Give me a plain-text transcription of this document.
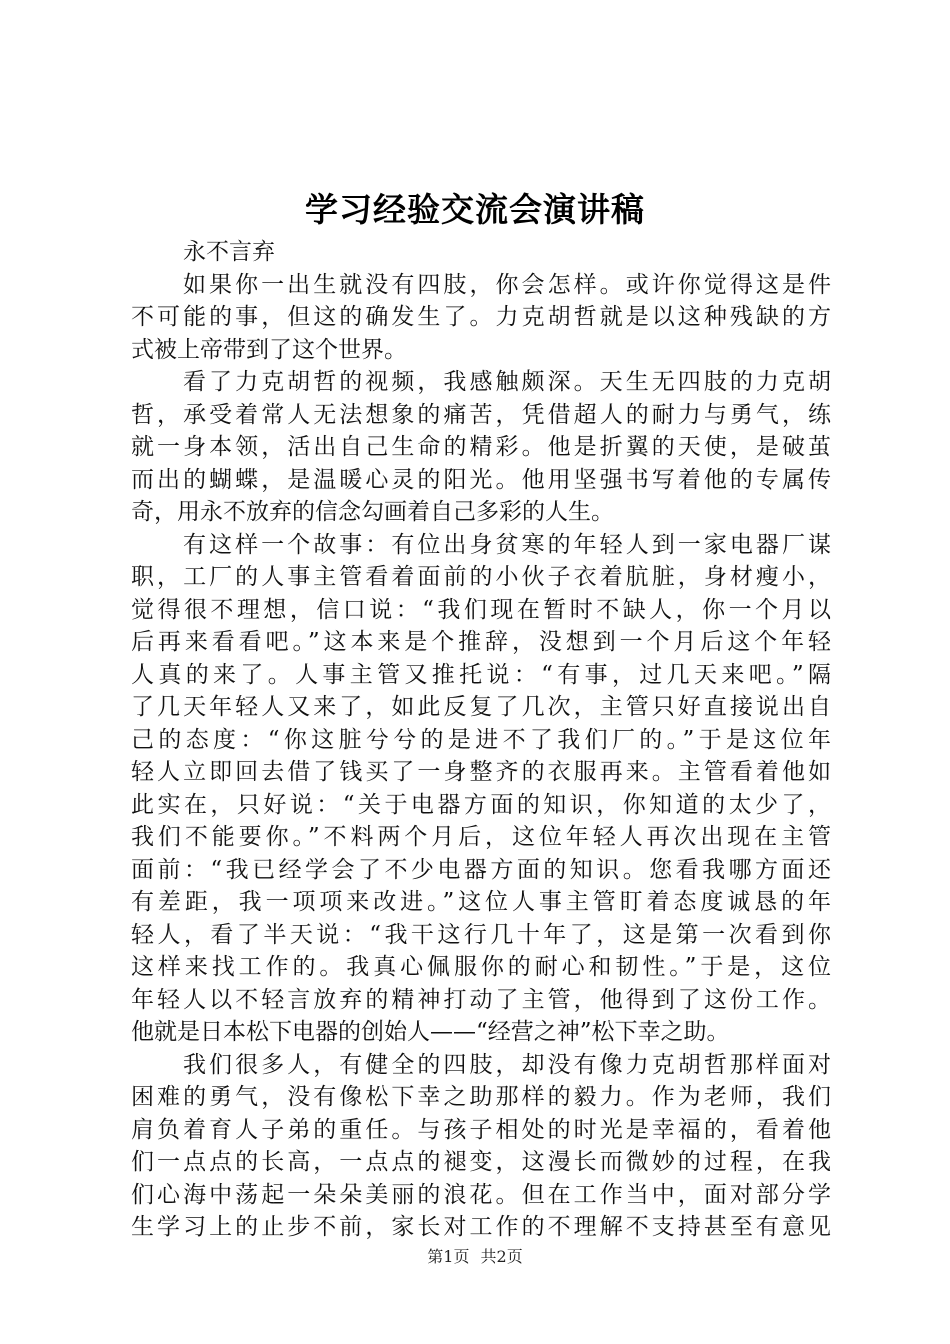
学习经验交流会演讲稿
永不言弃
如果你一出生就没有四肢，你会怎样。或许你觉得这是件
不可能的事，但这的确发生了。力克胡哲就是以这种残缺的方
式被上帝带到了这个世界。
看了力克胡哲的视频，我感触颇深。天生无四肢的力克胡
哲，承受着常人无法想象的痛苦，凭借超人的耐力与勇气，练
就一身本领，活出自己生命的精彩。他是折翼的天使，是破茧
而出的蝴蝶，是温暖心灵的阳光。他用坚强书写着他的专属传
奇，用永不放弃的信念勾画着自己多彩的人生。
有这样一个故事：有位出身贫寒的年轻人到一家电器厂谋
职，工厂的人事主管看着面前的小伙子衣着肮脏，身材瘦小，
觉得很不理想，信口说：“我们现在暂时不缺人，你一个月以
后再来看看吧。”这本来是个推辞，没想到一个月后这个年轻
人真的来了。人事主管又推托说：“有事，过几天来吧。”隔
了几天年轻人又来了，如此反复了几次，主管只好直接说出自
己的态度：“你这脏兮兮的是进不了我们厂的。”于是这位年
轻人立即回去借了钱买了一身整齐的衣服再来。主管看着他如
此实在，只好说：“关于电器方面的知识，你知道的太少了，
我们不能要你。”不料两个月后，这位年轻人再次出现在主管
面前：“我已经学会了不少电器方面的知识。您看我哪方面还
有差距，我一项项来改进。”这位人事主管盯着态度诚恳的年
轻人，看了半天说：“我干这行几十年了，这是第一次看到你
这样来找工作的。我真心佩服你的耐心和韧性。”于是，这位
年轻人以不轻言放弃的精神打动了主管，他得到了这份工作。
他就是日本松下电器的创始人——“经营之神”松下幸之助。
我们很多人，有健全的四肢，却没有像力克胡哲那样面对
困难的勇气，没有像松下幸之助那样的毅力。作为老师，我们
肩负着育人子弟的重任。与孩子相处的时光是幸福的，看着他
们一点点的长高，一点点的褪变，这漫长而微妙的过程，在我
们心海中荡起一朵朵美丽的浪花。但在工作当中，面对部分学
生学习上的止步不前，家长对工作的不理解不支持甚至有意见
第1页 共2页
